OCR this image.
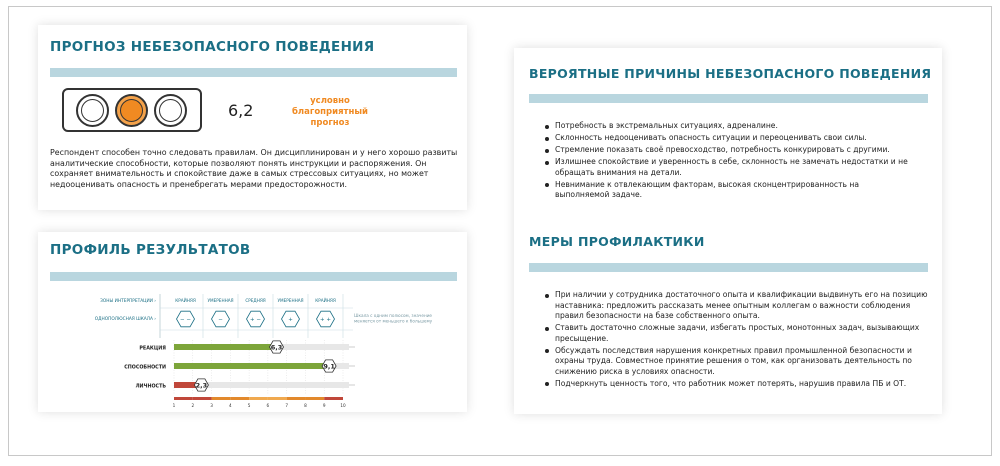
ПРОГНОЗ НЕБЕЗОПАСНОГО ПОВЕДЕНИЯ
6,2	условно благоприятный прогноз
Респондент способен точно следовать правилам. Он дисциплинирован и у него хорошо развиты аналитические способности, которые позволяют понять инструкции и распоряжения. Он сохраняет внимательность и спокойствие даже в самых стрессовых ситуациях, но может недооценивать опасность и пренебрегать мерами предосторожности.
ПРОФИЛЬ РЕЗУЛЬТАТОВ
КРАЙНЯЯ
− −
УМЕРЕННАЯ
−
СРЕДНЯЯ
+ −
УМЕРЕННАЯ
+
КРАЙНЯЯ
+ +
ЗОНЫ ИНТЕРПРЕТАЦИИ ›
ОДНОПОЛЮСНАЯ ШКАЛА ›
Шкала с одним полюсом, значение меняется от меньшего к большему
РЕАКЦИЯ	6,3
СПОСОБНОСТИ	9,1
ЛИЧНОСТЬ	2,3
1	2	3	4	5	6	7	8	9	10
ВЕРОЯТНЫЕ ПРИЧИНЫ НЕБЕЗОПАСНОГО ПОВЕДЕНИЯ
Потребность в экстремальных ситуациях, адреналине.
Склонность недооценивать опасность ситуации и переоценивать свои силы.
Стремление показать своё превосходство, потребность конкурировать с другими.
Излишнее спокойствие и уверенность в себе, склонность не замечать недостатки и не обращать внимания на детали.
Невнимание к отвлекающим факторам, высокая сконцентрированность на выполняемой задаче.
МЕРЫ ПРОФИЛАКТИКИ
При наличии у сотрудника достаточного опыта и квалификации выдвинуть его на позицию наставника: предложить рассказать менее опытным коллегам о важности соблюдения правил безопасности на базе собственного опыта.
Ставить достаточно сложные задачи, избегать простых, монотонных задач, вызывающих пресыщение.
Обсуждать последствия нарушения конкретных правил промышленной безопасности и охраны труда. Совместное принятие решения о том, как организовать деятельность по снижению риска в условиях опасности.
Подчеркнуть ценность того, что работник может потерять, нарушив правила ПБ и ОТ.
